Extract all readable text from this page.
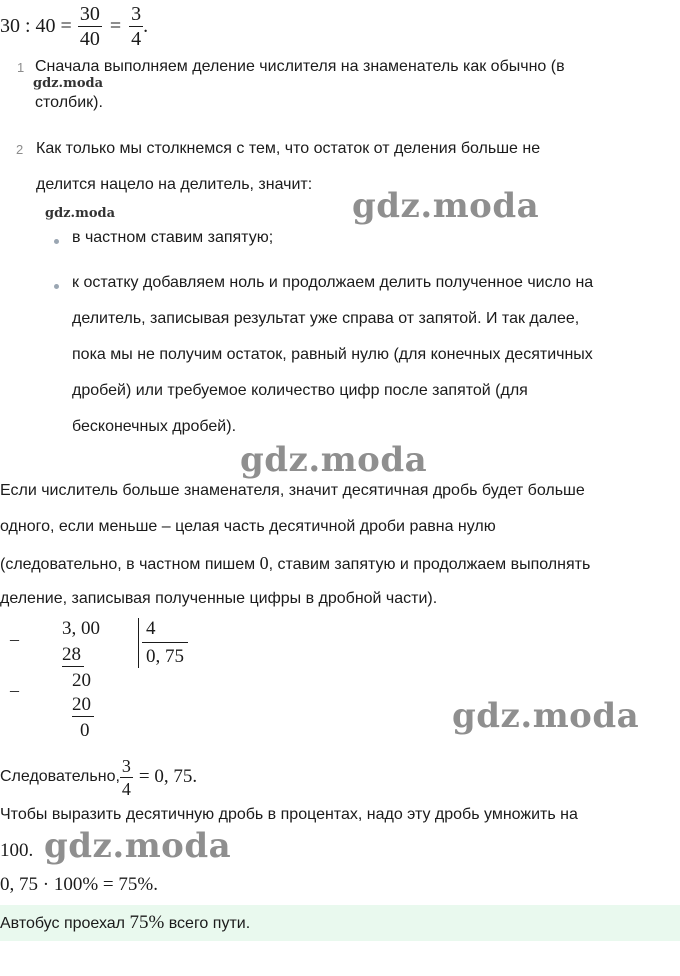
30 : $40 = \frac{30}{40} = \frac{3}{4}$ .
1 Сначала выполняем деление числителя на знаменатель как обычно (в
gdz.moda
столбик).
2 Как только мы столкнемся с тем, что остаток от деления больше не
делится нацело на делитель, значит:
gdz.moda
gdz.moda
в частном ставим запятую;
к остатку добавляем ноль и продолжаем делить полученное число на
делитель, записывая результат уже справа от запятой. И так далее,
пока мы не получим остаток, равный нулю (для конечных десятичных
дробей) или требуемое количество цифр после запятой (для
бесконечных дробей).
gdz.moda
Если числитель больше знаменателя, значит десятичная дробь будет больше
одного, если меньше – целая часть десятичной дроби равна нулю
(следовательно, в частном пишем 0, ставим запятую и продолжаем выполнять
деление, записывая полученные цифры в дробной части).
– 3, 00 4
0, 75
28
20
–
20
0	gdz.moda
Следовательно, $\frac{3}{4} = 0$, 75.
Чтобы выразить десятичную дробь в процентах, надо эту дробь умножить на
100. gdz.moda
0, 75 · 100% = 75%.
Автобус проехал 75% всего пути.
